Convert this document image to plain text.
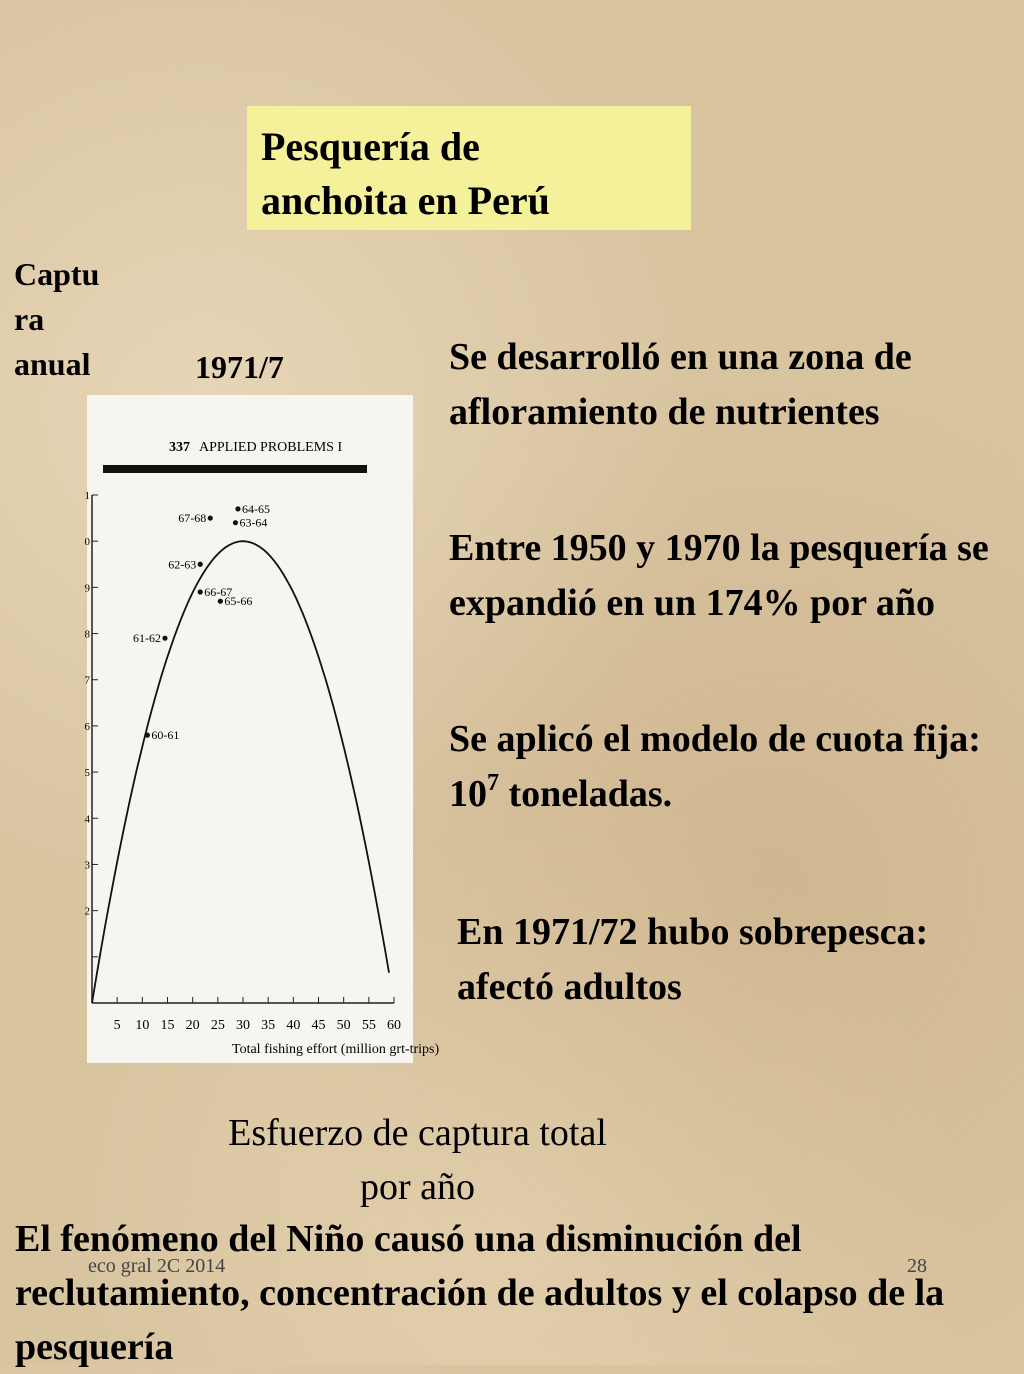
Pesquería de
anchoita en Perú
Captu
ra
anual	1971/7	Se desarrolló en una zona de afloramiento de nutrientes
Entre 1950 y 1970 la pesquería se expandió en un 174% por año
Se aplicó el modelo de cuota fija: $10^7$ toneladas.
En 1971/72 hubo sobrepesca: afectó adultos
337 APPLIED PROBLEMS I
5 10 15 20 25 30 35 40 45 50 55 60
2
3
4
5
6
7
8
9
0
1
60-61
61-62
62-63
67-68
66-67
65-66
64-65
63-64
Total fishing effort (million grt-trips)
Esfuerzo de captura total
por año
eco gral 2C 2014	28
El fenómeno del Niño causó una disminución del reclutamiento, concentración de adultos y el colapso de la pesquería
